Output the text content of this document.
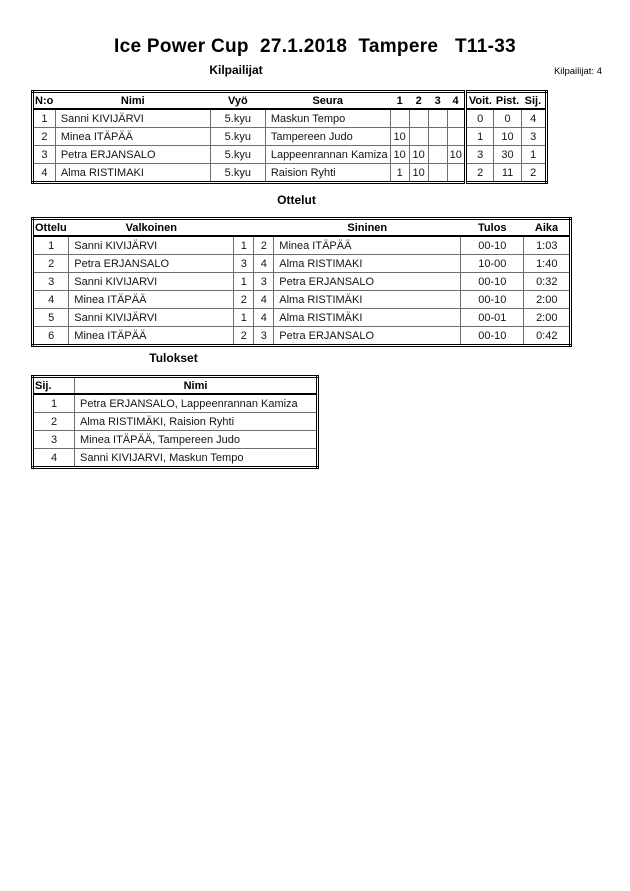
Ice Power Cup  27.1.2018  Tampere   T11-33
Kilpailijat	Kilpailijat: 4
N:o	Nimi	Vyö	Seura	1	2	3	4	Voit.	Pist.	Sij.
1	Sanni KIVIJÄRVI	5.kyu	Maskun Tempo					0	0	4
2	Minea ITÄPÄÄ	5.kyu	Tampereen Judo	10				1	10	3
3	Petra ERJANSALO	5.kyu	Lappeenrannan Kamiza	10	10		10	3	30	1
4	Alma RISTIMAKI	5.kyu	Raision Ryhti	1	10			2	11	2
Ottelut
Ottelu	Valkoinen			Sininen	Tulos	Aika
1	Sanni KIVIJÄRVI	1	2	Minea ITÄPÄÄ	00-10	1:03
2	Petra ERJANSALO	3	4	Alma RISTIMAKI	10-00	1:40
3	Sanni KIVIJARVI	1	3	Petra ERJANSALO	00-10	0:32
4	Minea ITÄPÄÄ	2	4	Alma RISTIMÄKI	00-10	2:00
5	Sanni KIVIJÄRVI	1	4	Alma RISTIMÄKI	00-01	2:00
6	Minea ITÄPÄÄ	2	3	Petra ERJANSALO	00-10	0:42
Tulokset
Sij.	Nimi
1	Petra ERJANSALO, Lappeenrannan Kamiza
2	Alma RISTIMÄKI, Raision Ryhti
3	Minea ITÄPÄÄ, Tampereen Judo
4	Sanni KIVIJARVI, Maskun Tempo
